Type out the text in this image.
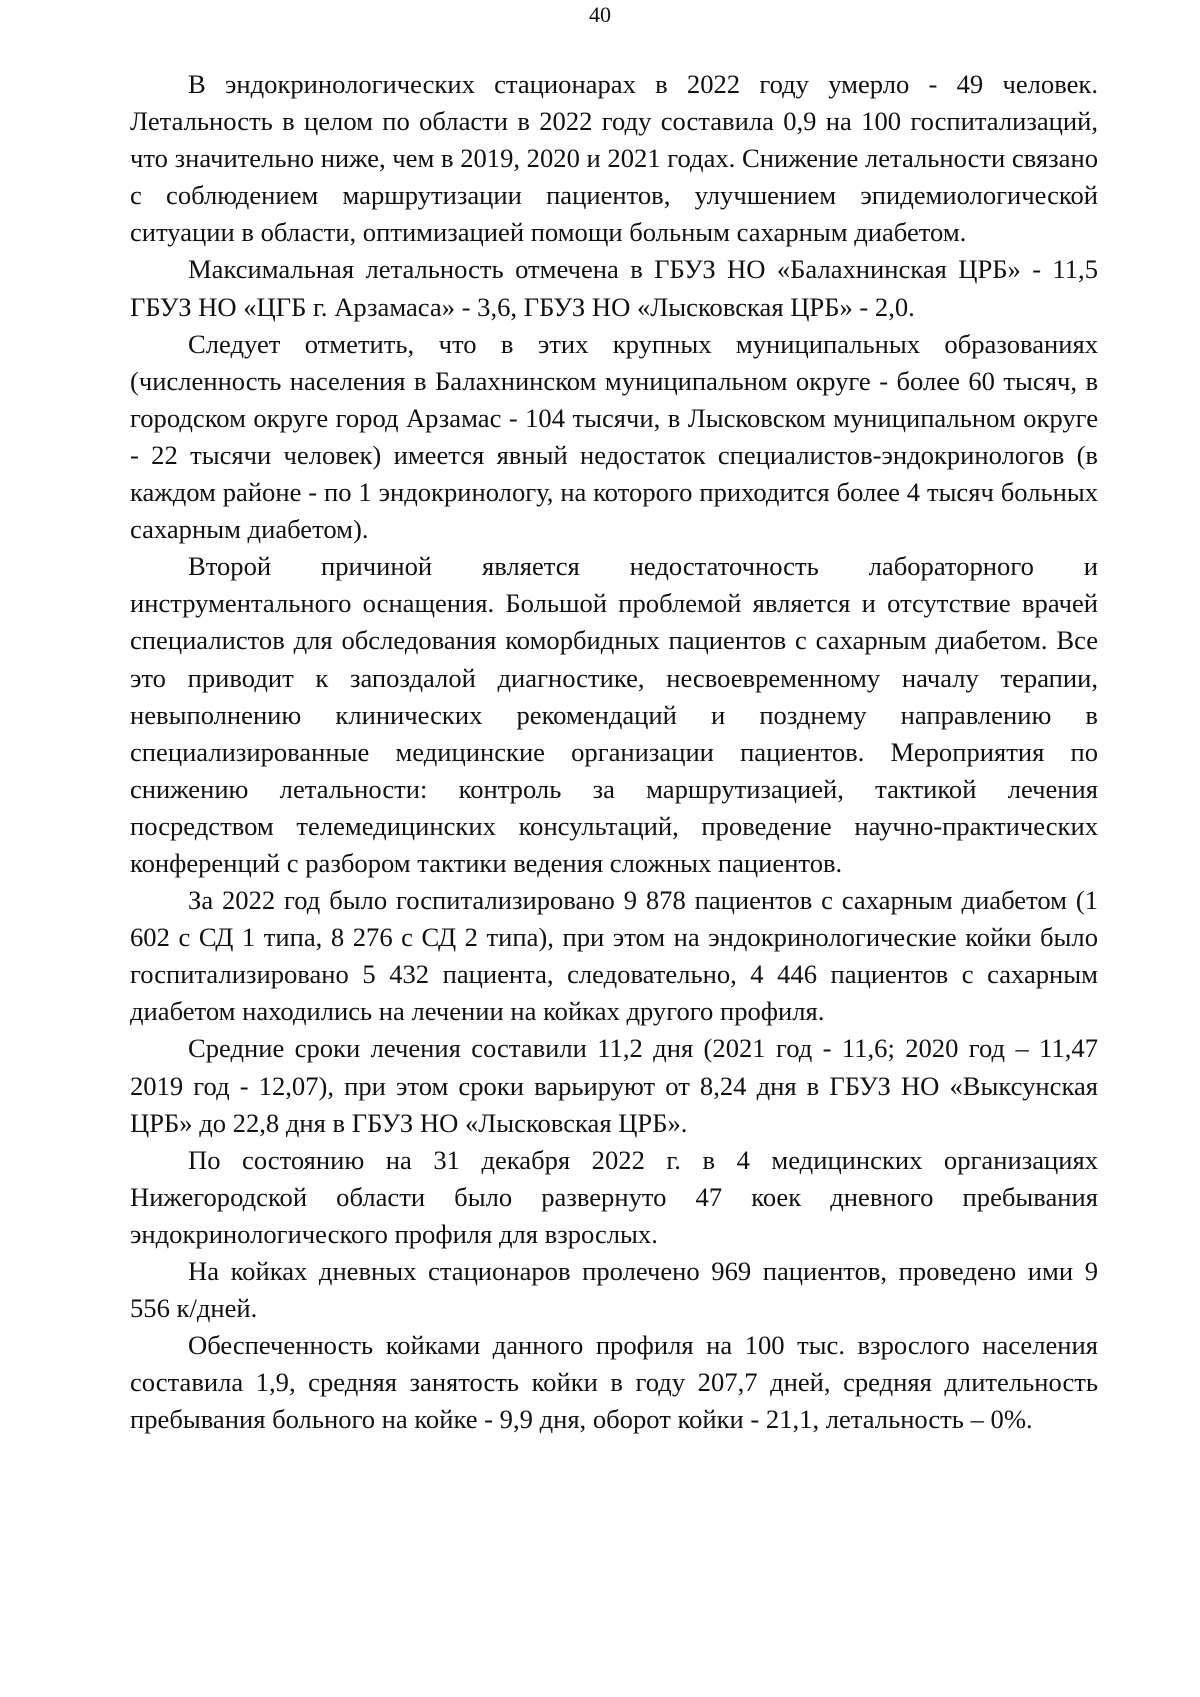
40

В эндокринологических стационарах в 2022 году умерло - 49 человек. Летальность в целом по области в 2022 году составила 0,9 на 100 госпитализаций, что значительно ниже, чем в 2019, 2020 и 2021 годах. Снижение летальности связано с соблюдением маршрутизации пациентов, улучшением эпидемиологической ситуации в области, оптимизацией помощи больным сахарным диабетом.

Максимальная летальность отмечена в ГБУЗ НО «Балахнинская ЦРБ» - 11,5 ГБУЗ НО «ЦГБ г. Арзамаса» - 3,6, ГБУЗ НО «Лысковская ЦРБ» - 2,0.

Следует отметить, что в этих крупных муниципальных образованиях (численность населения в Балахнинском муниципальном округе - более 60 тысяч, в городском округе город Арзамас - 104 тысячи, в Лысковском муниципальном округе - 22 тысячи человек) имеется явный недостаток специалистов-эндокринологов (в каждом районе - по 1 эндокринологу, на которого приходится более 4 тысяч больных сахарным диабетом).

Второй причиной является недостаточность лабораторного и инструментального оснащения. Большой проблемой является и отсутствие врачей специалистов для обследования коморбидных пациентов с сахарным диабетом. Все это приводит к запоздалой диагностике, несвоевременному началу терапии, невыполнению клинических рекомендаций и позднему направлению в специализированные медицинские организации пациентов. Мероприятия по снижению летальности: контроль за маршрутизацией, тактикой лечения посредством телемедицинских консультаций, проведение научно-практических конференций с разбором тактики ведения сложных пациентов.

За 2022 год было госпитализировано 9 878 пациентов с сахарным диабетом (1 602 с СД 1 типа, 8 276 с СД 2 типа), при этом на эндокринологические койки было госпитализировано 5 432 пациента, следовательно, 4 446 пациентов с сахарным диабетом находились на лечении на койках другого профиля.

Средние сроки лечения составили 11,2 дня (2021 год - 11,6; 2020 год – 11,47 2019 год - 12,07), при этом сроки варьируют от 8,24 дня в ГБУЗ НО «Выксунская ЦРБ» до 22,8 дня в ГБУЗ НО «Лысковская ЦРБ».

По состоянию на 31 декабря 2022 г. в 4 медицинских организациях Нижегородской области было развернуто 47 коек дневного пребывания эндокринологического профиля для взрослых.

На койках дневных стационаров пролечено 969 пациентов, проведено ими 9 556 к/дней.

Обеспеченность койками данного профиля на 100 тыс. взрослого населения составила 1,9, средняя занятость койки в году 207,7 дней, средняя длительность пребывания больного на койке - 9,9 дня, оборот койки - 21,1, летальность – 0%.
